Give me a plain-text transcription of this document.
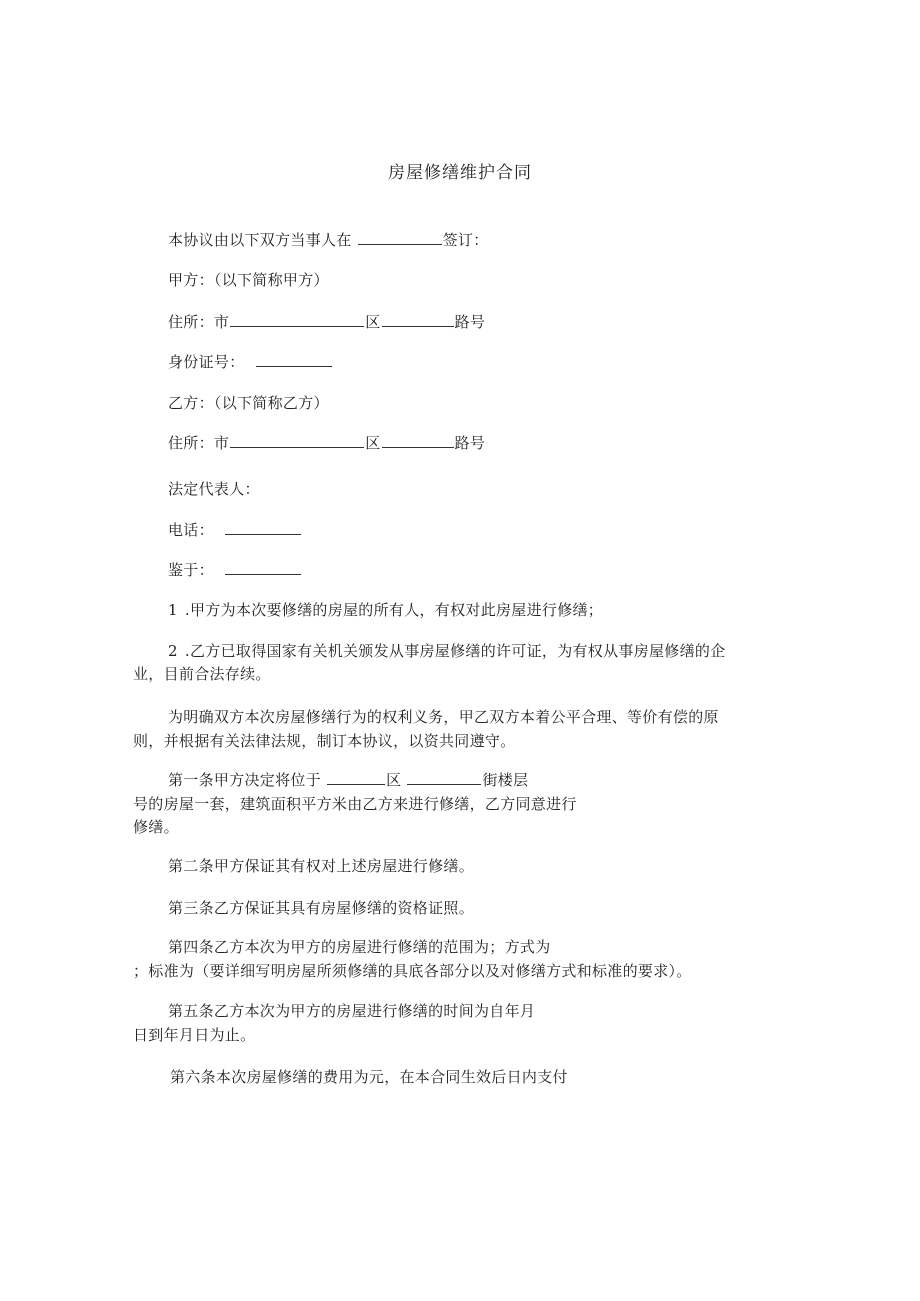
房屋修缮维护合同
本协议由以下双方当事人在	签订：
甲方：（以下简称甲方）
住所：市	区	路号
身份证号：
乙方：（以下简称乙方）
住所：市	区	路号
法定代表人：
电话：
鉴于：
1 .甲方为本次要修缮的房屋的所有人，有权对此房屋进行修缮；
2 .乙方已取得国家有关机关颁发从事房屋修缮的许可证，为有权从事房屋修缮的企
业，目前合法存续。
为明确双方本次房屋修缮行为的权利义务，甲乙双方本着公平合理、等价有偿的原
则，并根据有关法律法规，制订本协议，以资共同遵守。
第一条甲方决定将位于	区	街楼层
号的房屋一套，建筑面积平方米由乙方来进行修缮，乙方同意进行
修缮。
第二条甲方保证其有权对上述房屋进行修缮。
第三条乙方保证其具有房屋修缮的资格证照。
第四条乙方本次为甲方的房屋进行修缮的范围为；方式为
；标准为（要详细写明房屋所须修缮的具底各部分以及对修缮方式和标准的要求）。
第五条乙方本次为甲方的房屋进行修缮的时间为自年月
日到年月日为止。
第六条本次房屋修缮的费用为元，在本合同生效后日内支付
